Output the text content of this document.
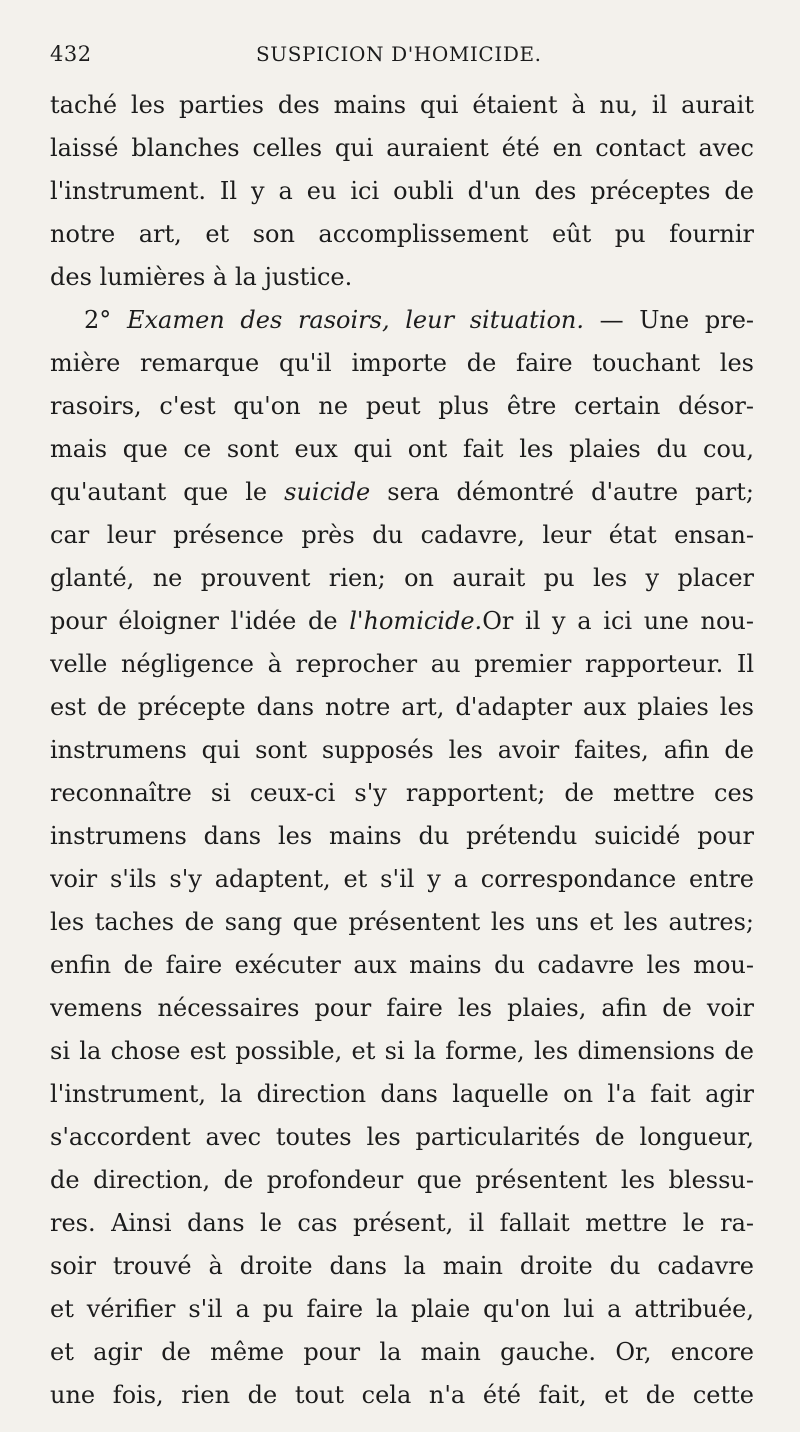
432	SUSPICION D'HOMICIDE.
taché les parties des mains qui étaient à nu, il aurait
laissé blanches celles qui auraient été en contact avec
l'instrument. Il y a eu ici oubli d'un des préceptes de
notre art, et son accomplissement eût pu fournir
des lumières à la justice.
2° Examen des rasoirs, leur situation. — Une pre-
mière remarque qu'il importe de faire touchant les
rasoirs, c'est qu'on ne peut plus être certain désor-
mais que ce sont eux qui ont fait les plaies du cou,
qu'autant que le suicide sera démontré d'autre part;
car leur présence près du cadavre, leur état ensan-
glanté, ne prouvent rien; on aurait pu les y placer
pour éloigner l'idée de l'homicide.Or il y a ici une nou-
velle négligence à reprocher au premier rapporteur. Il
est de précepte dans notre art, d'adapter aux plaies les
instrumens qui sont supposés les avoir faites, afin de
reconnaître si ceux-ci s'y rapportent; de mettre ces
instrumens dans les mains du prétendu suicidé pour
voir s'ils s'y adaptent, et s'il y a correspondance entre
les taches de sang que présentent les uns et les autres;
enfin de faire exécuter aux mains du cadavre les mou-
vemens nécessaires pour faire les plaies, afin de voir
si la chose est possible, et si la forme, les dimensions de
l'instrument, la direction dans laquelle on l'a fait agir
s'accordent avec toutes les particularités de longueur,
de direction, de profondeur que présentent les blessu-
res. Ainsi dans le cas présent, il fallait mettre le ra-
soir trouvé à droite dans la main droite du cadavre
et vérifier s'il a pu faire la plaie qu'on lui a attribuée,
et agir de même pour la main gauche. Or, encore
une fois, rien de tout cela n'a été fait, et de cette
